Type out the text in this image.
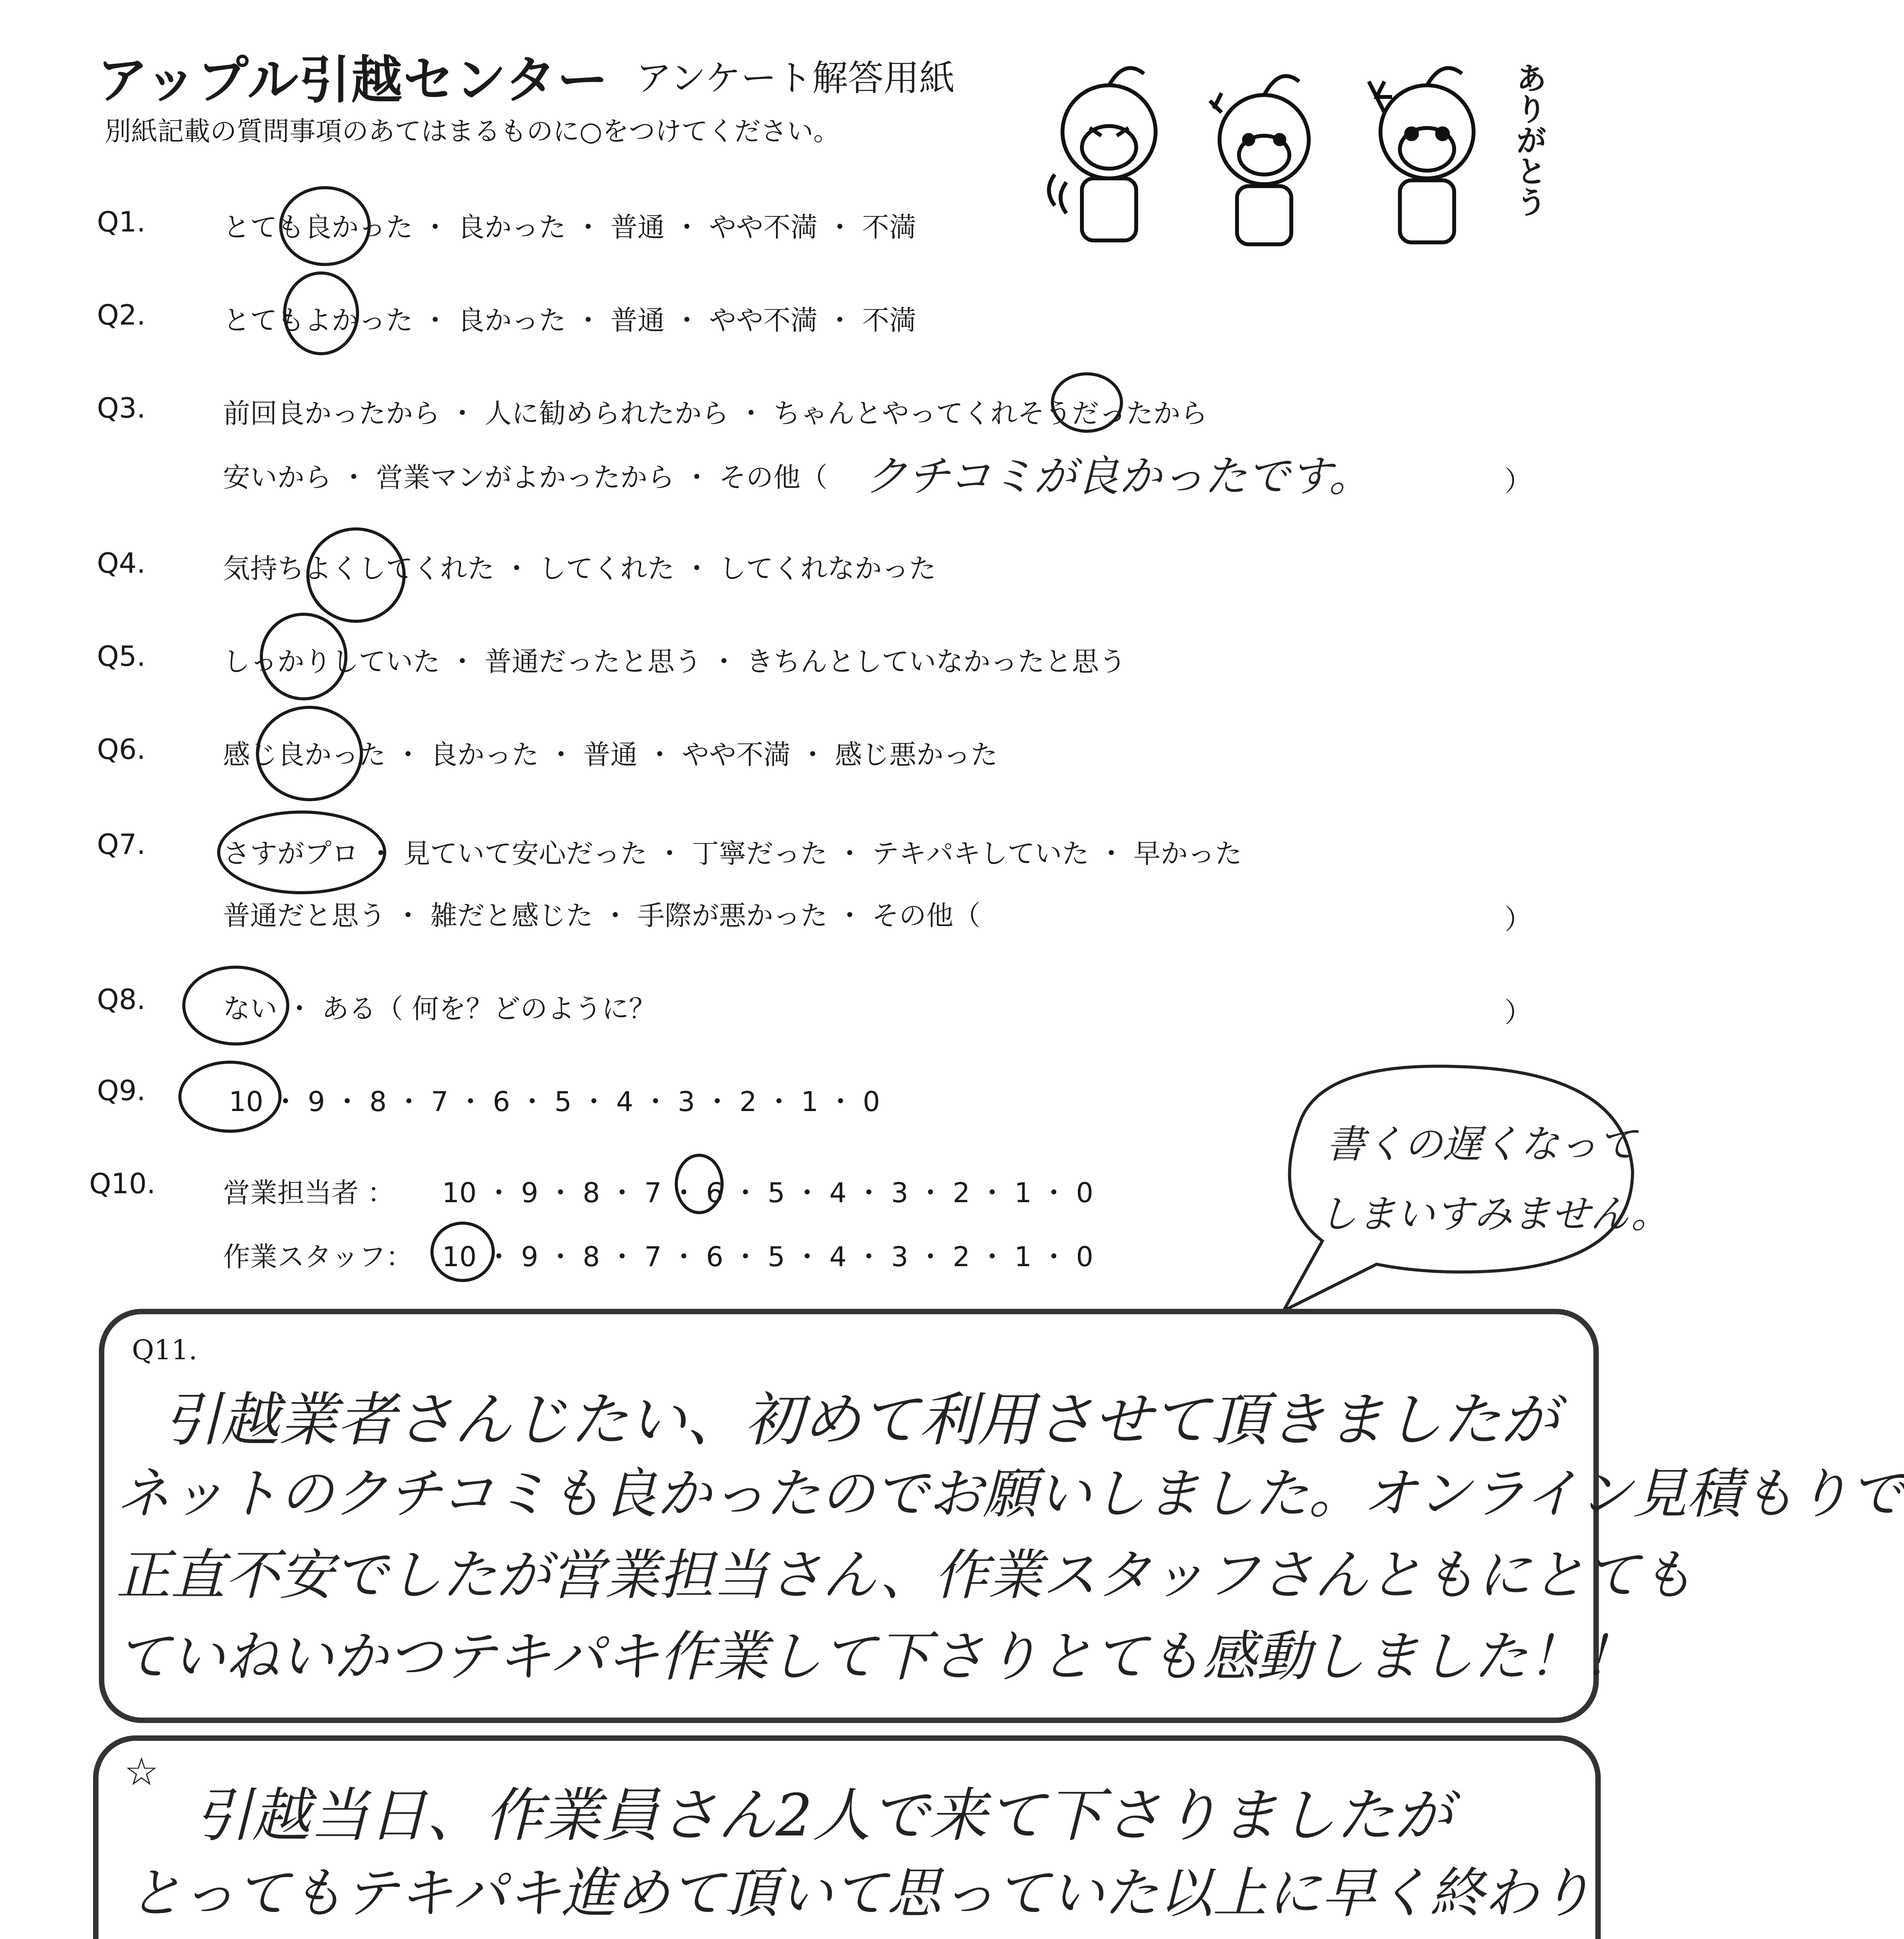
アップル引越センター アンケート解答用紙
別紙記載の質問事項のあてはまるものに○をつけてください。	ありがとう
Q1.	とても良かった ・ 良かった ・ 普通 ・ やや不満 ・ 不満
Q2.	とてもよかった ・ 良かった ・ 普通 ・ やや不満 ・ 不満
Q3.	前回良かったから ・ 人に勧められたから ・ ちゃんとやってくれそうだったから
安いから ・ 営業マンがよかったから ・ その他（ クチコミが良かったです。	）
Q4.	気持ちよくしてくれた ・ してくれた ・ してくれなかった
Q5.	しっかりしていた ・ 普通だったと思う ・ きちんとしていなかったと思う
Q6.	感じ良かった ・ 良かった ・ 普通 ・ やや不満 ・ 感じ悪かった
Q7.	さすがプロ ・ 見ていて安心だった ・ 丁寧だった ・ テキパキしていた ・ 早かった
普通だと思う ・ 雑だと感じた ・ 手際が悪かった ・ その他（	）
Q8.	ない ・ ある（ 何を？どのように？	）
Q9.	10 ・ 9 ・ 8 ・ 7 ・ 6 ・ 5 ・ 4 ・ 3 ・ 2 ・ 1 ・ 0
Q10. 営業担当者 ： 10 ・ 9 ・ 8 ・ 7 ・ 6 ・ 5 ・ 4 ・ 3 ・ 2 ・ 1 ・ 0
作業スタッフ： 10 ・ 9 ・ 8 ・ 7 ・ 6 ・ 5 ・ 4 ・ 3 ・ 2 ・ 1 ・ 0
書くの遅くなって
しまいすみません。
Q11.
引越業者さんじたい、初めて利用させて頂きましたが
ネットのクチコミも良かったのでお願いしました。オンライン見積もりで
正直不安でしたが営業担当さん、作業スタッフさんともにとても
ていねいかつテキパキ作業して下さりとても感動しました！！
☆
引越当日、作業員さん2人で来て下さりましたが
とってもテキパキ進めて頂いて思っていた以上に早く終わり
